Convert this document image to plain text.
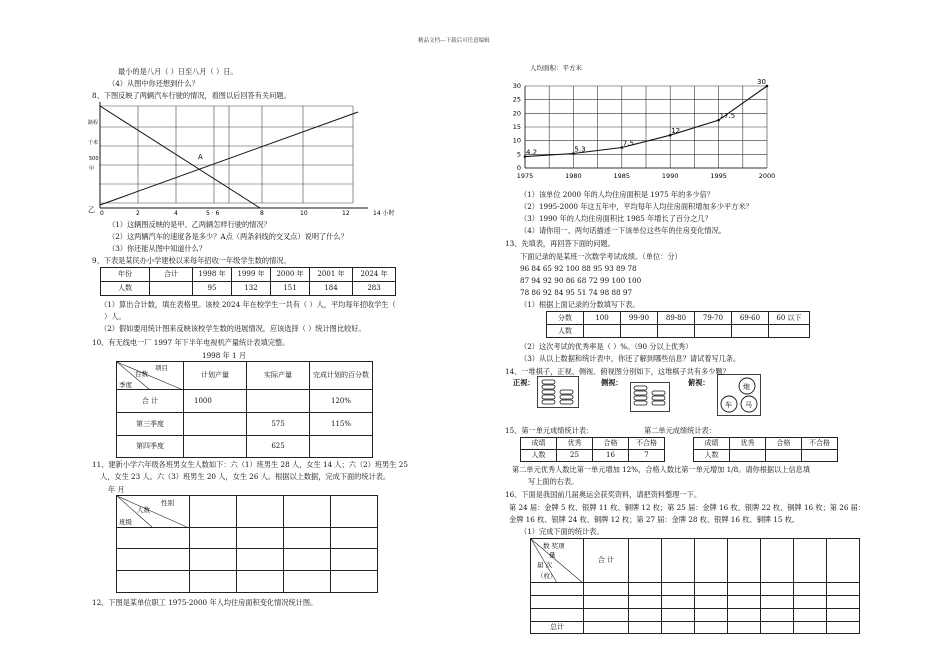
精品文档---下载后可任意编辑
最小的是八月（ ）日至八月（ ）日。
（4）从图中你还想到什么？
8、下图反映了两辆汽车行驶的情况，看图以后回答有关问题。
路程
千米
500
甲
乙
A
0	2	4	5 · 6	8	10	12	14 小时
（1）这辆图反映的是甲、乙两辆怎样行驶的情况？
（2）这两辆汽车的速度各是多少？A点（两条斜线的交叉点）说明了什么？
（3）你还能从图中知道什么？
9、下表是某民办小学建校以来每年招收一年级学生数的情况。
年份	合计	1998 年	1999 年	2000 年	2001 年	2024 年
人数		95	132	151	184	283
（1）算出合计数，填在表格里。该校 2024 年在校学生一共有（ ）人，平均每年招收学生（
）人。
（2）假如要用统计图来反映该校学生数的进展情况，应该选择（ ）统计图比较好。
10、有无线电一厂 1997 年下半年电视机产量统计表填完整。
1998 年 1 月
项目
台数
季度	计划产量	实际产量	完成计划的百分数
合 计	1000		120%
第三季度		575	115%
第四季度		625	
11、建新小学六年级各班男女生人数如下：六（1）班男生 28 人，女生 14 人；六（2）班男生 25
人，女生 23 人。六（3）班男生 20 人，女生 26 人。根据以上数据，完成下面的统计表。
年 月
性别
人数
班级				

12、下图是某单位职工 1975-2000 年人均住房面积变化情况统计图。
人均面积：平方米
0
5
10
15
20
25
30
1975	1980	1985	1990	1995	2000
4.2	5.3
7.5
12
17.5
30
（1）该单位 2000 年的人均住房面积是 1975 年的多少倍？
（2）1995-2000 年这五年中，平均每年人均住房面积增加多少平方米？
（3）1990 年的人均住房面积比 1985 年增长了百分之几？
（4）请你用一、两句话描述一下该单位这些年的住房变化情况。
13、先填表，再回答下面的问题。
下面记录的是某班一次数学考试成绩。（单位：分）
96 84 65 92 100 88 95 93 89 78
87 94 92 90 86 68 72 99 100 100
78 86 92 84 95 51 74 98 88 97
（1）根据上面记录的分数填写下表。
分数	100	99-90	89-80	79-70	69-60	60 以下
人数						
（2）这次考试的优秀率是（ ）%。（90 分以上优秀）
（3）从以上数据和统计表中，你还了解到哪些信息？请试着写几条。
14、一堆棋子，正视、侧视、俯视图分别如下，这堆棋子共有多少颗？
正视：	侧视：	俯视：	炮
车 马
15、第一单元成绩统计表：	第二单元成绩统计表：
成绩	优秀	合格	不合格
人数	25	16	7
成绩	优秀	合格	不合格
人数			
第二单元优秀人数比第一单元增加 12%，合格人数比第一单元增加 1/8。请你根据以上信息填
写上面的右表。
16、下面是我国前几届奥运会获奖资料，请把资料整理一下。
第 24 届：金牌 5 枚、银牌 11 枚、铜牌 12 枚；第 25 届：金牌 16 枚、银牌 22 枚、铜牌 16 枚；第 26 届：
金牌 16 枚、银牌 24 枚、铜牌 12 枚；第 27 届：金牌 28 枚、银牌 16 枚、铜牌 15 枚。
（1）完成下面的统计表。
数 奖项
量
届 次
（枚）	合 计							

总计								
